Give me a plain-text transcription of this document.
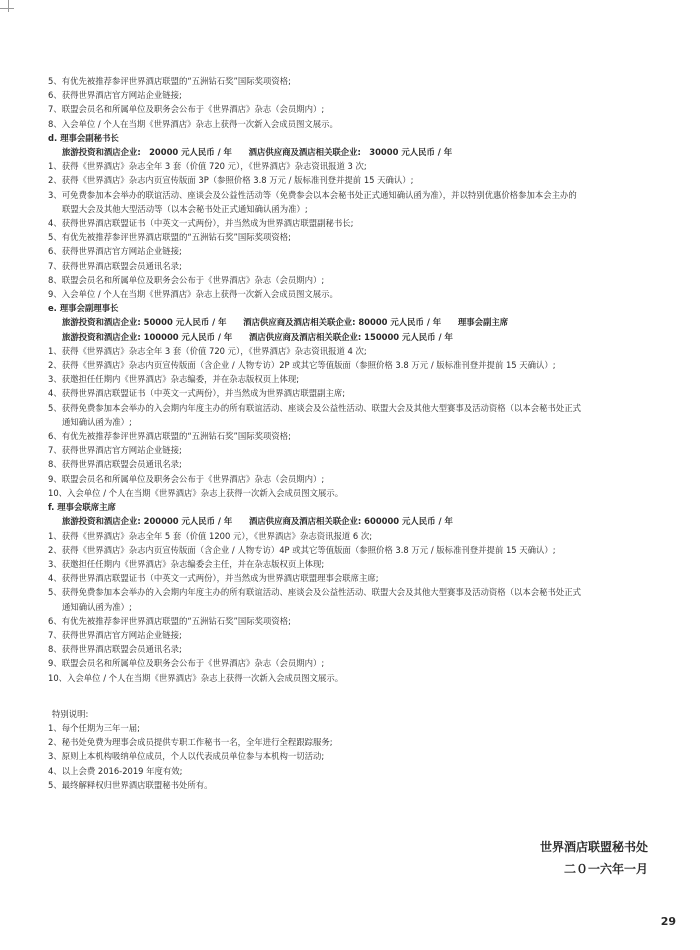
5、有优先被推荐参评世界酒店联盟的“五洲钻石奖”国际奖项资格;
6、获得世界酒店官方网站企业链接;
7、联盟会员名和所属单位及职务会公布于《世界酒店》杂志（会员期内）;
8、入会单位 / 个人在当期《世界酒店》杂志上获得一次新入会成员图文展示。
d. 理事会副秘书长
旅游投资和酒店企业:　20000 元人民币 / 年　　酒店供应商及酒店相关联企业:　30000 元人民币 / 年
1、获得《世界酒店》杂志全年 3 套（价值 720 元），《世界酒店》杂志资讯报道 3 次;
2、获得《世界酒店》杂志内页宣传版面 3P（参照价格 3.8 万元 / 版标准刊登并提前 15 天确认）;
3、可免费参加本会举办的联谊活动、座谈会及公益性活动等（免费参会以本会秘书处正式通知确认函为准），并以特别优惠价格参加本会主办的
联盟大会及其他大型活动等（以本会秘书处正式通知确认函为准）;
4、获得世界酒店联盟证书（中英文一式两份），并当然成为世界酒店联盟副秘书长;
5、有优先被推荐参评世界酒店联盟的“五洲钻石奖”国际奖项资格;
6、获得世界酒店官方网站企业链接;
7、获得世界酒店联盟会员通讯名录;
8、联盟会员名和所属单位及职务会公布于《世界酒店》杂志（会员期内）;
9、入会单位 / 个人在当期《世界酒店》杂志上获得一次新入会成员图文展示。
e. 理事会副理事长
旅游投资和酒店企业: 50000 元人民币 / 年　　酒店供应商及酒店相关联企业: 80000 元人民币 / 年　　理事会副主席
旅游投资和酒店企业: 100000 元人民币 / 年　　酒店供应商及酒店相关联企业: 150000 元人民币 / 年
1、获得《世界酒店》杂志全年 3 套（价值 720 元），《世界酒店》杂志资讯报道 4 次;
2、获得《世界酒店》杂志内页宣传版面（含企业 / 人物专访）2P 或其它等值版面（参照价格 3.8 万元 / 版标准刊登并提前 15 天确认）;
3、获邀担任任期内《世界酒店》杂志编委，并在杂志版权页上体现;
4、获得世界酒店联盟证书（中英文一式两份），并当然成为世界酒店联盟副主席;
5、获得免费参加本会举办的入会期内年度主办的所有联谊活动、座谈会及公益性活动、联盟大会及其他大型赛事及活动资格（以本会秘书处正式
通知确认函为准）;
6、有优先被推荐参评世界酒店联盟的“五洲钻石奖”国际奖项资格;
7、获得世界酒店官方网站企业链接;
8、获得世界酒店联盟会员通讯名录;
9、联盟会员名和所属单位及职务会公布于《世界酒店》杂志（会员期内）;
10、入会单位 / 个人在当期《世界酒店》杂志上获得一次新入会成员图文展示。
f. 理事会联席主席
旅游投资和酒店企业: 200000 元人民币 / 年　　酒店供应商及酒店相关联企业: 600000 元人民币 / 年
1、获得《世界酒店》杂志全年 5 套（价值 1200 元），《世界酒店》杂志资讯报道 6 次;
2、获得《世界酒店》杂志内页宣传版面（含企业 / 人物专访）4P 或其它等值版面（参照价格 3.8 万元 / 版标准刊登并提前 15 天确认）;
3、获邀担任任期内《世界酒店》杂志编委会主任，并在杂志版权页上体现;
4、获得世界酒店联盟证书（中英文一式两份），并当然成为世界酒店联盟理事会联席主席;
5、获得免费参加本会举办的入会期内年度主办的所有联谊活动、座谈会及公益性活动、联盟大会及其他大型赛事及活动资格（以本会秘书处正式
通知确认函为准）;
6、有优先被推荐参评世界酒店联盟的“五洲钻石奖”国际奖项资格;
7、获得世界酒店官方网站企业链接;
8、获得世界酒店联盟会员通讯名录;
9、联盟会员名和所属单位及职务会公布于《世界酒店》杂志（会员期内）;
10、入会单位 / 个人在当期《世界酒店》杂志上获得一次新入会成员图文展示。
特别说明:
1、每个任期为三年一届;
2、秘书处免费为理事会成员提供专职工作秘书一名，全年进行全程跟踪服务;
3、原则上本机构吸纳单位成员，个人以代表成员单位参与本机构一切活动;
4、以上会费 2016-2019 年度有效;
5、最终解释权归世界酒店联盟秘书处所有。
世界酒店联盟秘书处
二０一六年一月
29
